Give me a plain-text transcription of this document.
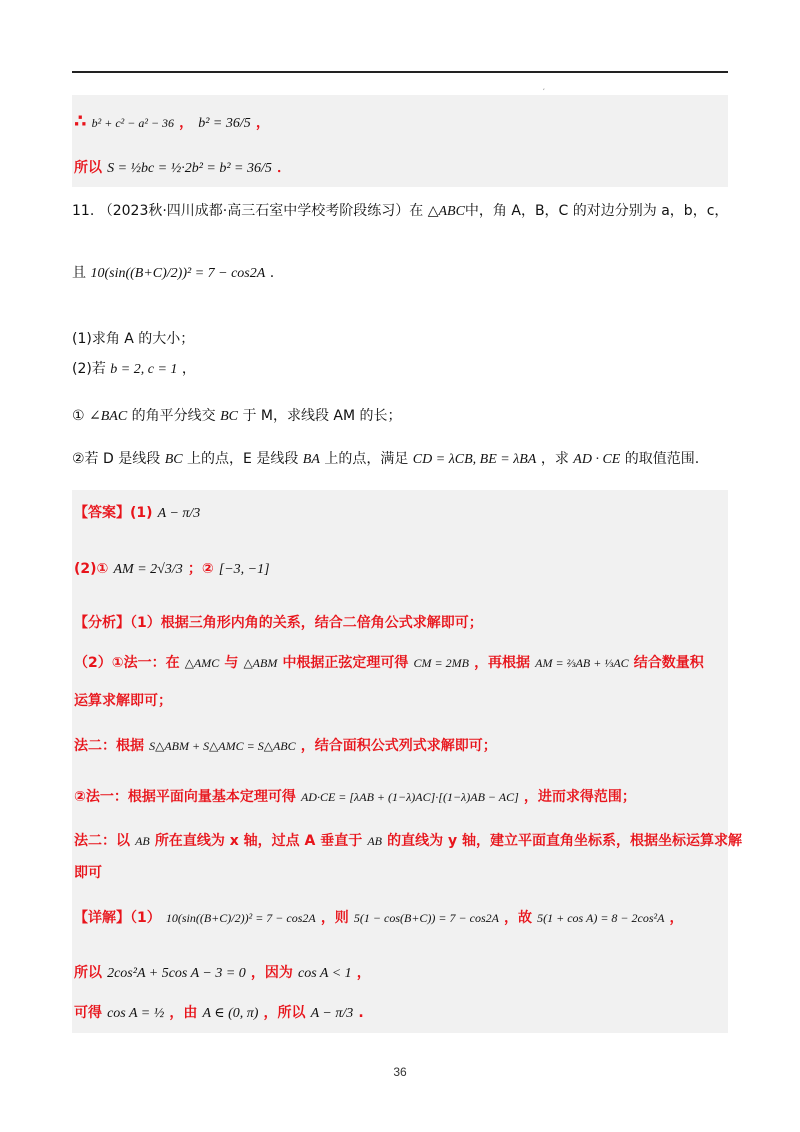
,
∴ b² + c² − a² − 36 ， b² = 36/5 ，
所以 S = ½bc = ½·2b² = b² = 36/5 ．
11. （2023秋·四川成都·高三石室中学校考阶段练习）在 △ABC中，角 A，B，C 的对边分别为 a，b，c，
且 10(sin((B+C)/2))² = 7 − cos2A .
(1)求角 A 的大小；
(2)若 b = 2, c = 1 ，
① ∠BAC 的角平分线交 BC 于 M，求线段 AM 的长；
②若 D 是线段 BC 上的点，E 是线段 BA 上的点，满足 CD = λCB, BE = λBA ，求 AD · CE 的取值范围.
【答案】(1) A − π/3
(2)① AM = 2√3/3 ；② [−3, −1]
【分析】（1）根据三角形内角的关系，结合二倍角公式求解即可；
（2）①法一：在 △AMC 与 △ABM 中根据正弦定理可得 CM = 2MB ，再根据 AM = ⅔AB + ⅓AC 结合数量积
运算求解即可；
法二：根据 S△ABM + S△AMC = S△ABC ，结合面积公式列式求解即可；
②法一：根据平面向量基本定理可得 AD·CE = [λAB + (1−λ)AC]·[(1−λ)AB − AC] ，进而求得范围；
法二：以 AB 所在直线为 x 轴，过点 A 垂直于 AB 的直线为 y 轴，建立平面直角坐标系，根据坐标运算求解
即可
【详解】（1） 10(sin((B+C)/2))² = 7 − cos2A ，则 5(1 − cos(B+C)) = 7 − cos2A ，故 5(1 + cos A) = 8 − 2cos²A ，
所以 2cos²A + 5cos A − 3 = 0 ，因为 cos A < 1 ，
可得 cos A = ½ ，由 A ∈ (0, π) ，所以 A − π/3 .
36
